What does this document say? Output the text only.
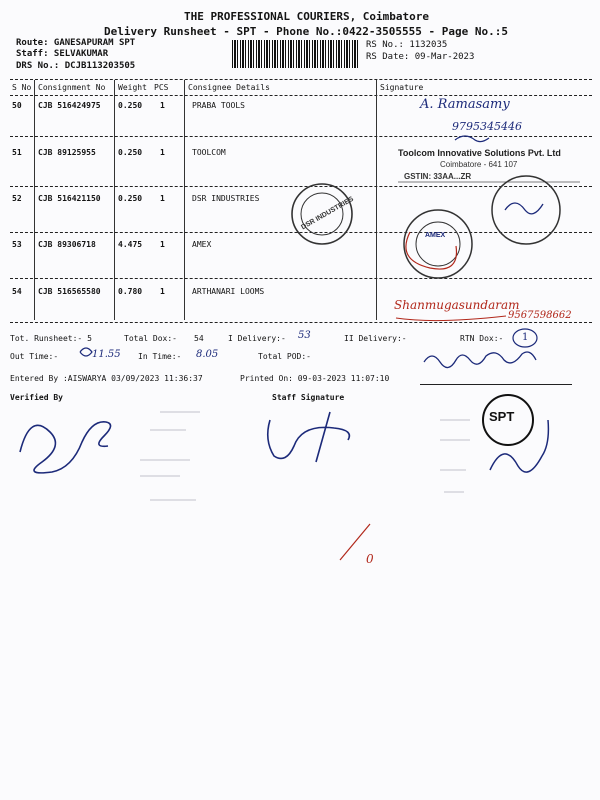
THE PROFESSIONAL COURIERS, Coimbatore
Delivery Runsheet - SPT - Phone No.:0422-3505555 - Page No.:5
Route: GANESAPURAM SPT
Staff: SELVAKUMAR
DRS No.: DCJB113203505
RS No.: 1132035
RS Date: 09-Mar-2023
S No Consignment No Weight PCS Consignee Details	Signature
50 CJB 516424975 0.250 1	PRABA TOOLS
51 CJB 89125955	0.250 1	TOOLCOM
52 CJB 516421150 0.250 1	DSR INDUSTRIES
53 CJB 89306718	4.475 1	AMEX
54 CJB 516565580 0.780 1	ARTHANARI LOOMS
Tot. Runsheet:- 5	Total Dox:- 54	I Delivery:- 53	II Delivery:-	RTN Dox:- 1
Out Time:-	11.55 In Time:- 8.05	Total POD:-
Entered By :AISWARYA 03/09/2023 11:36:37	Printed On: 09-03-2023 11:07:10
Verified By	Staff Signature
A. Ramasamy
9795345446
Shanmugasundaram
9567598662
Toolcom Innovative Solutions Pvt. Ltd
Coimbatore - 641 107
GSTIN: 33AA...ZR
DSR INDUSTRIES
AMEX
SPT
0
